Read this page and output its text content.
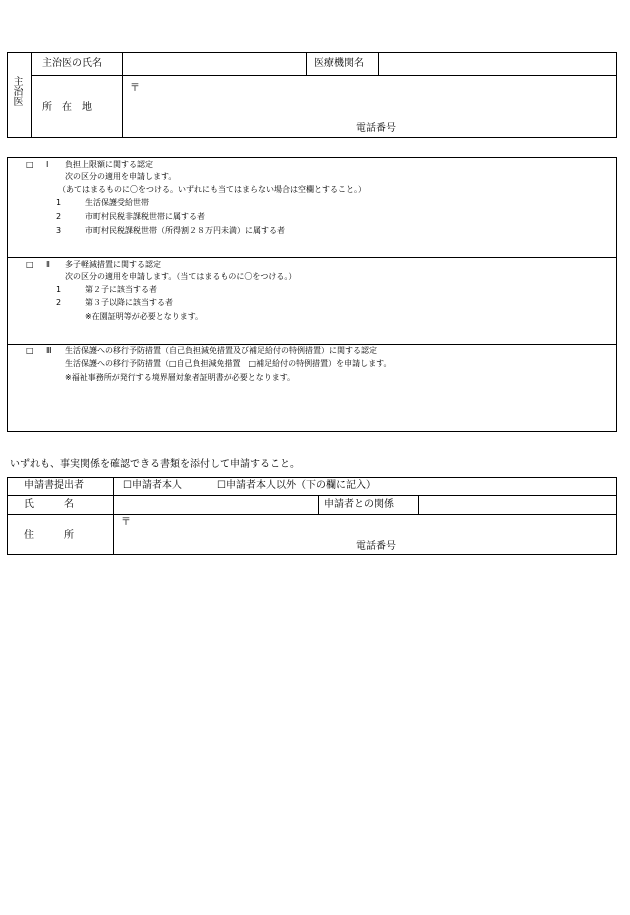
主治医
主治医の氏名	医療機関名
所　在　地
〒
電話番号
□ Ⅰ 負担上限額に関する認定
次の区分の適用を申請します。
（あてはまるものに〇をつける。いずれにも当てはまらない場合は空欄とすること。）
1	生活保護受給世帯
2	市町村民税非課税世帯に属する者
3	市町村民税課税世帯（所得割２８万円未満）に属する者
□ Ⅱ 多子軽減措置に関する認定
次の区分の適用を申請します。（当てはまるものに〇をつける。）
1	第２子に該当する者
2	第３子以降に該当する者
※在園証明等が必要となります。
□ Ⅲ 生活保護への移行予防措置（自己負担減免措置及び補足給付の特例措置）に関する認定
生活保護への移行予防措置（□自己負担減免措置　□補足給付の特例措置）を申請します。
※福祉事務所が発行する境界層対象者証明書が必要となります。
いずれも、事実関係を確認できる書類を添付して申請すること。
申請書提出者	☐申請者本人	☐申請者本人以外（下の欄に記入）
氏　　　名	申請者との関係
住　　　所
〒
電話番号
